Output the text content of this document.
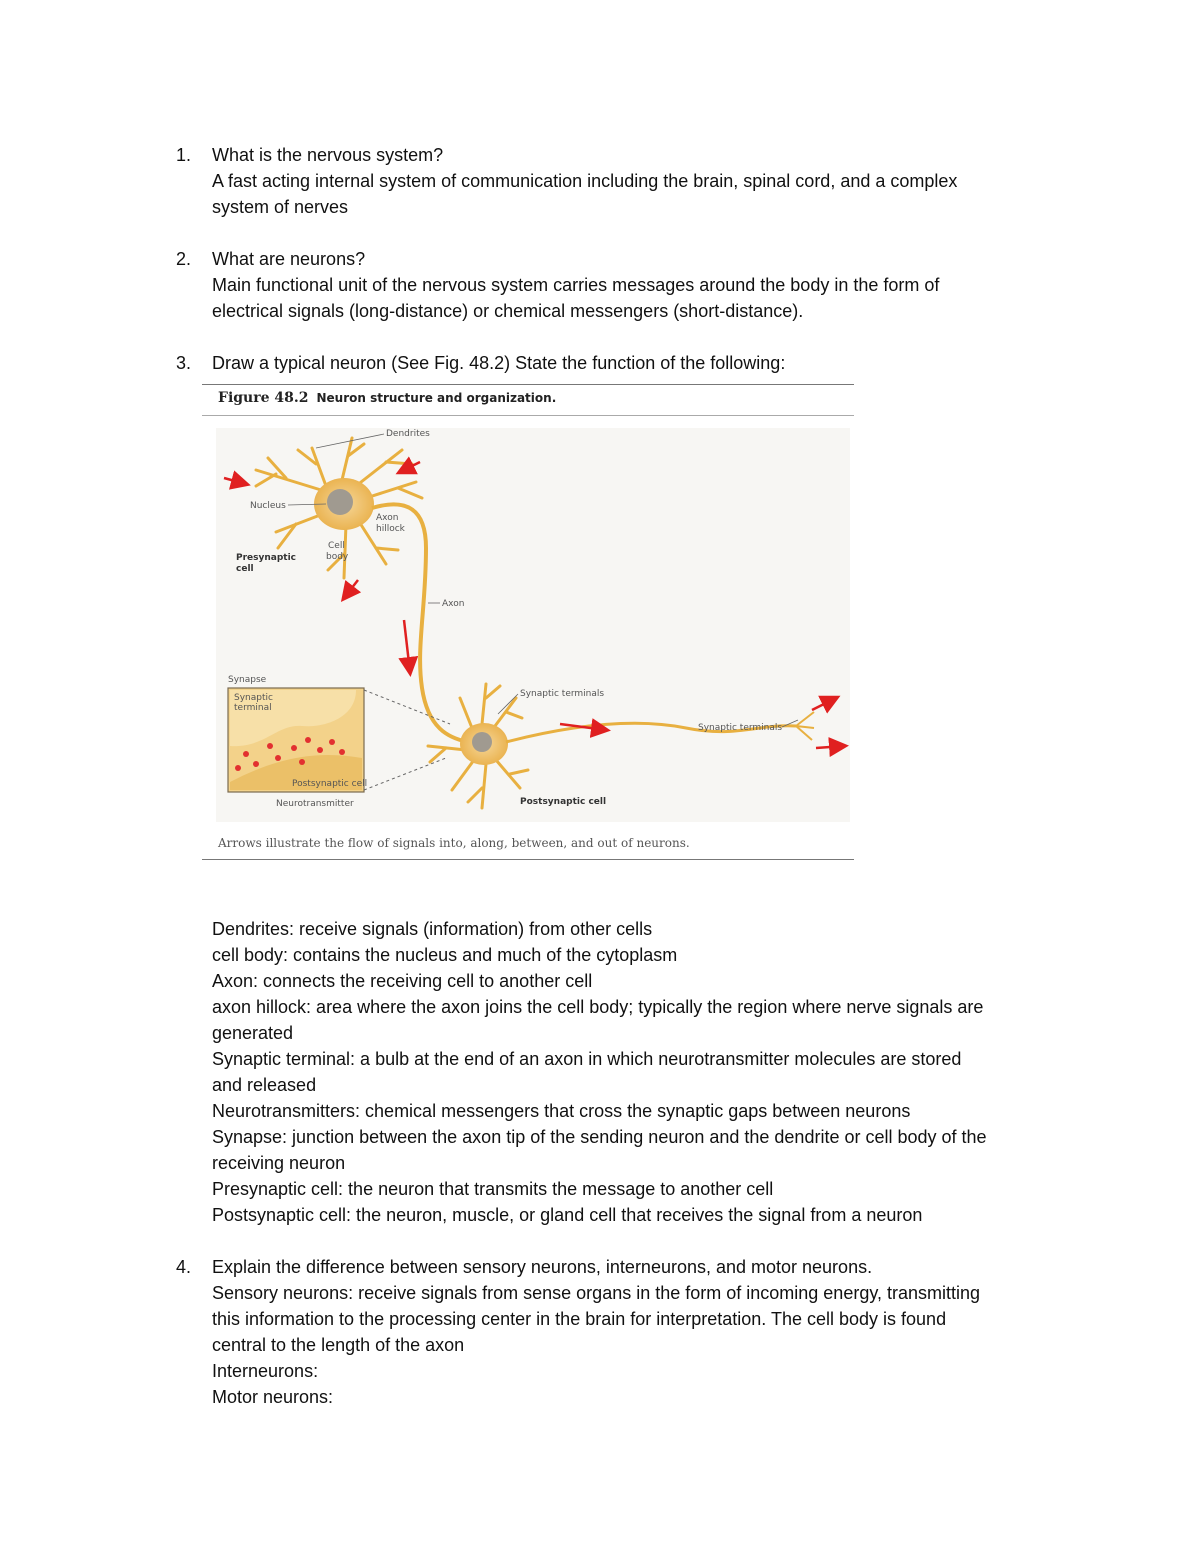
1. What is the nervous system?
A fast acting internal system of communication including the brain, spinal cord, and a complex
system of nerves
2. What are neurons?
Main functional unit of the nervous system carries messages around the body in the form of
electrical signals (long-distance) or chemical messengers (short-distance).
3. Draw a typical neuron (See Fig. 48.2) State the function of the following:
Figure 48.2 Neuron structure and organization.
Dendrites
Nucleus
Axon
hillock
Cell
body
Axon
Synapse
Synaptic
terminal
Synaptic terminals
Synaptic terminals
Postsynaptic cell
Neurotransmitter
Presynaptic
cell
Postsynaptic cell
Arrows illustrate the flow of signals into, along, between, and out of neurons.
Dendrites: receive signals (information) from other cells
cell body: contains the nucleus and much of the cytoplasm
Axon: connects the receiving cell to another cell
axon hillock: area where the axon joins the cell body; typically the region where nerve signals are
generated
Synaptic terminal: a bulb at the end of an axon in which neurotransmitter molecules are stored
and released
Neurotransmitters: chemical messengers that cross the synaptic gaps between neurons
Synapse: junction between the axon tip of the sending neuron and the dendrite or cell body of the
receiving neuron
Presynaptic cell: the neuron that transmits the message to another cell
Postsynaptic cell: the neuron, muscle, or gland cell that receives the signal from a neuron
4. Explain the difference between sensory neurons, interneurons, and motor neurons.
Sensory neurons: receive signals from sense organs in the form of incoming energy, transmitting
this information to the processing center in the brain for interpretation. The cell body is found
central to the length of the axon
Interneurons:
Motor neurons:
